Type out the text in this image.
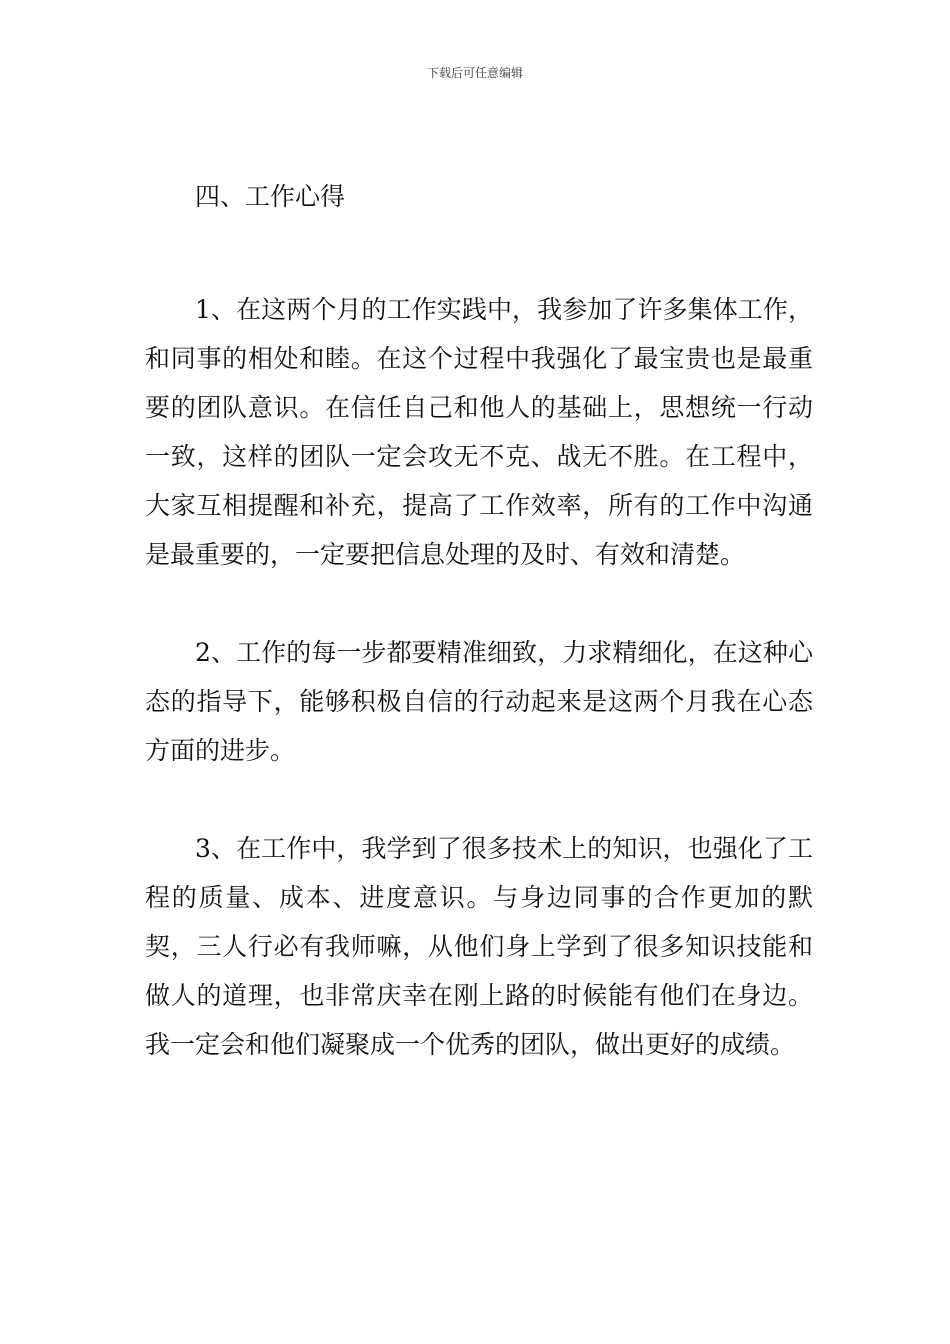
下载后可任意编辑
四、工作心得

1、在这两个月的工作实践中，我参加了许多集体工作，和同事的相处和睦。在这个过程中我强化了最宝贵也是最重要的团队意识。在信任自己和他人的基础上，思想统一行动一致，这样的团队一定会攻无不克、战无不胜。在工程中，大家互相提醒和补充，提高了工作效率，所有的工作中沟通是最重要的，一定要把信息处理的及时、有效和清楚。

2、工作的每一步都要精准细致，力求精细化，在这种心态的指导下，能够积极自信的行动起来是这两个月我在心态方面的进步。

3、在工作中，我学到了很多技术上的知识，也强化了工程的质量、成本、进度意识。与身边同事的合作更加的默契，三人行必有我师嘛，从他们身上学到了很多知识技能和做人的道理，也非常庆幸在刚上路的时候能有他们在身边。我一定会和他们凝聚成一个优秀的团队，做出更好的成绩。
